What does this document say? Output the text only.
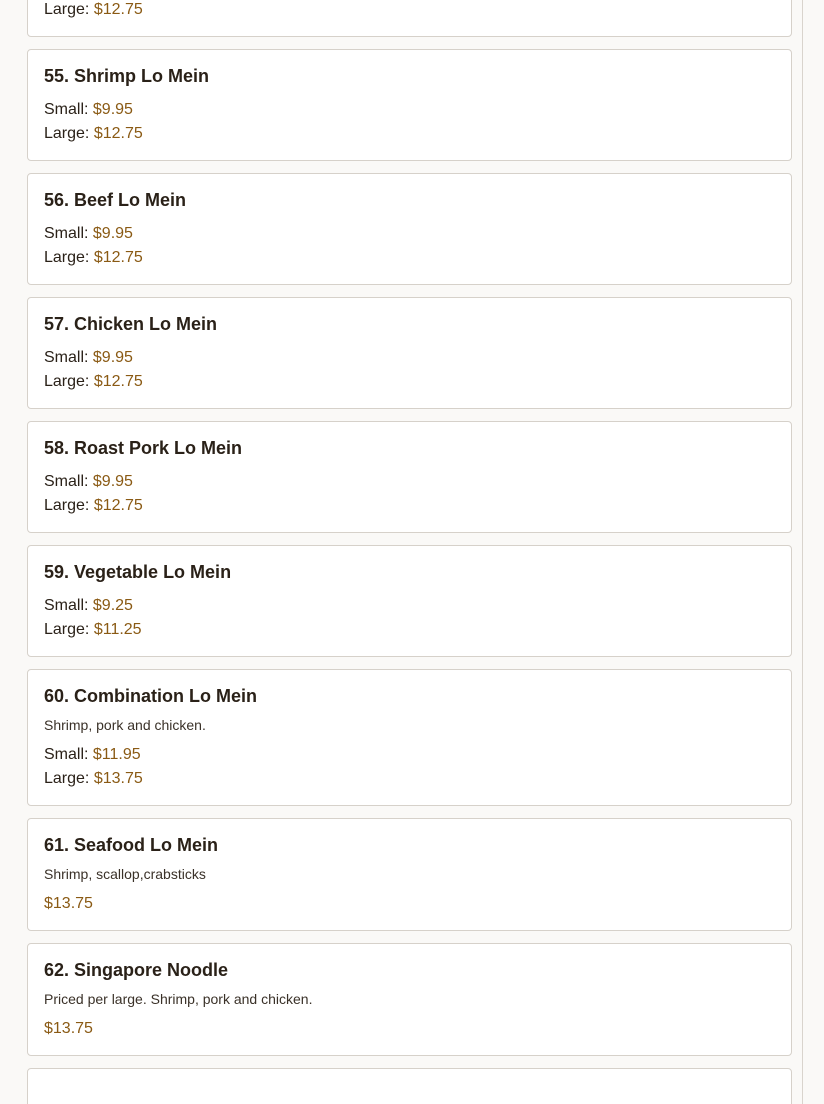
Large: $12.75
55. Shrimp Lo Mein
Small: $9.95
Large: $12.75
56. Beef Lo Mein
Small: $9.95
Large: $12.75
57. Chicken Lo Mein
Small: $9.95
Large: $12.75
58. Roast Pork Lo Mein
Small: $9.95
Large: $12.75
59. Vegetable Lo Mein
Small: $9.25
Large: $11.25
60. Combination Lo Mein
Shrimp, pork and chicken.
Small: $11.95
Large: $13.75
61. Seafood Lo Mein
Shrimp, scallop,crabsticks
$13.75
62. Singapore Noodle
Priced per large. Shrimp, pork and chicken.
$13.75
